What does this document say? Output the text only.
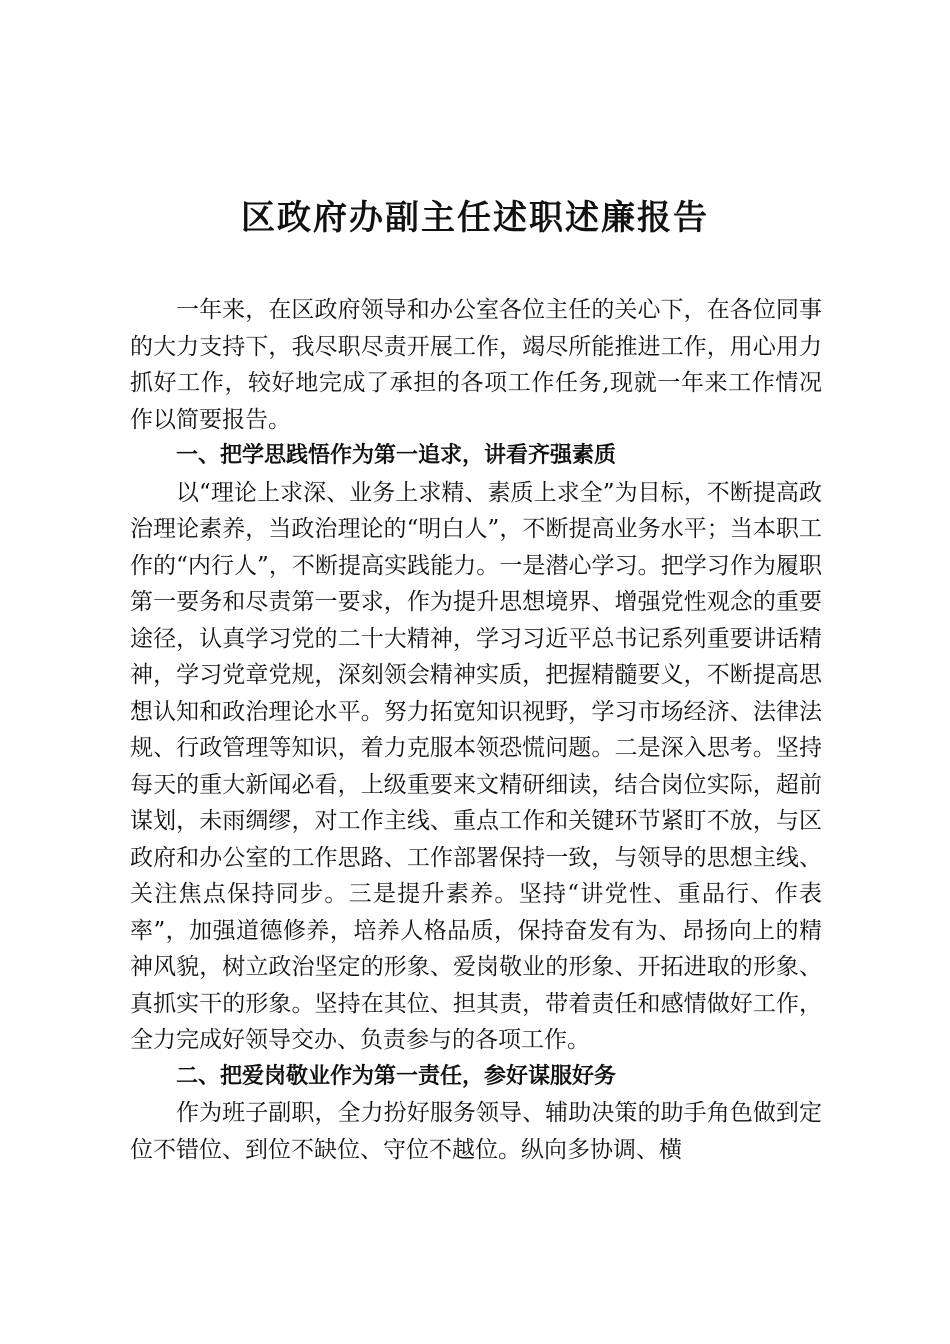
区政府办副主任述职述廉报告

一年来，在区政府领导和办公室各位主任的关心下，在各位同事的大力支持下，我尽职尽责开展工作，竭尽所能推进工作，用心用力抓好工作，较好地完成了承担的各项工作任务,现就一年来工作情况作以简要报告。

一、把学思践悟作为第一追求，讲看齐强素质

以“理论上求深、业务上求精、素质上求全”为目标，不断提高政治理论素养，当政治理论的“明白人”，不断提高业务水平；当本职工作的“内行人”，不断提高实践能力。一是潜心学习。把学习作为履职第一要务和尽责第一要求，作为提升思想境界、增强党性观念的重要途径，认真学习党的二十大精神，学习习近平总书记系列重要讲话精神，学习党章党规，深刻领会精神实质，把握精髓要义，不断提高思想认知和政治理论水平。努力拓宽知识视野，学习市场经济、法律法规、行政管理等知识，着力克服本领恐慌问题。二是深入思考。坚持每天的重大新闻必看，上级重要来文精研细读，结合岗位实际，超前谋划，未雨绸缪，对工作主线、重点工作和关键环节紧盯不放，与区政府和办公室的工作思路、工作部署保持一致，与领导的思想主线、关注焦点保持同步。三是提升素养。坚持“讲党性、重品行、作表率”，加强道德修养，培养人格品质，保持奋发有为、昂扬向上的精神风貌，树立政治坚定的形象、爱岗敬业的形象、开拓进取的形象、真抓实干的形象。坚持在其位、担其责，带着责任和感情做好工作，全力完成好领导交办、负责参与的各项工作。

二、把爱岗敬业作为第一责任，参好谋服好务

作为班子副职，全力扮好服务领导、辅助决策的助手角色做到定位不错位、到位不缺位、守位不越位。纵向多协调、横
